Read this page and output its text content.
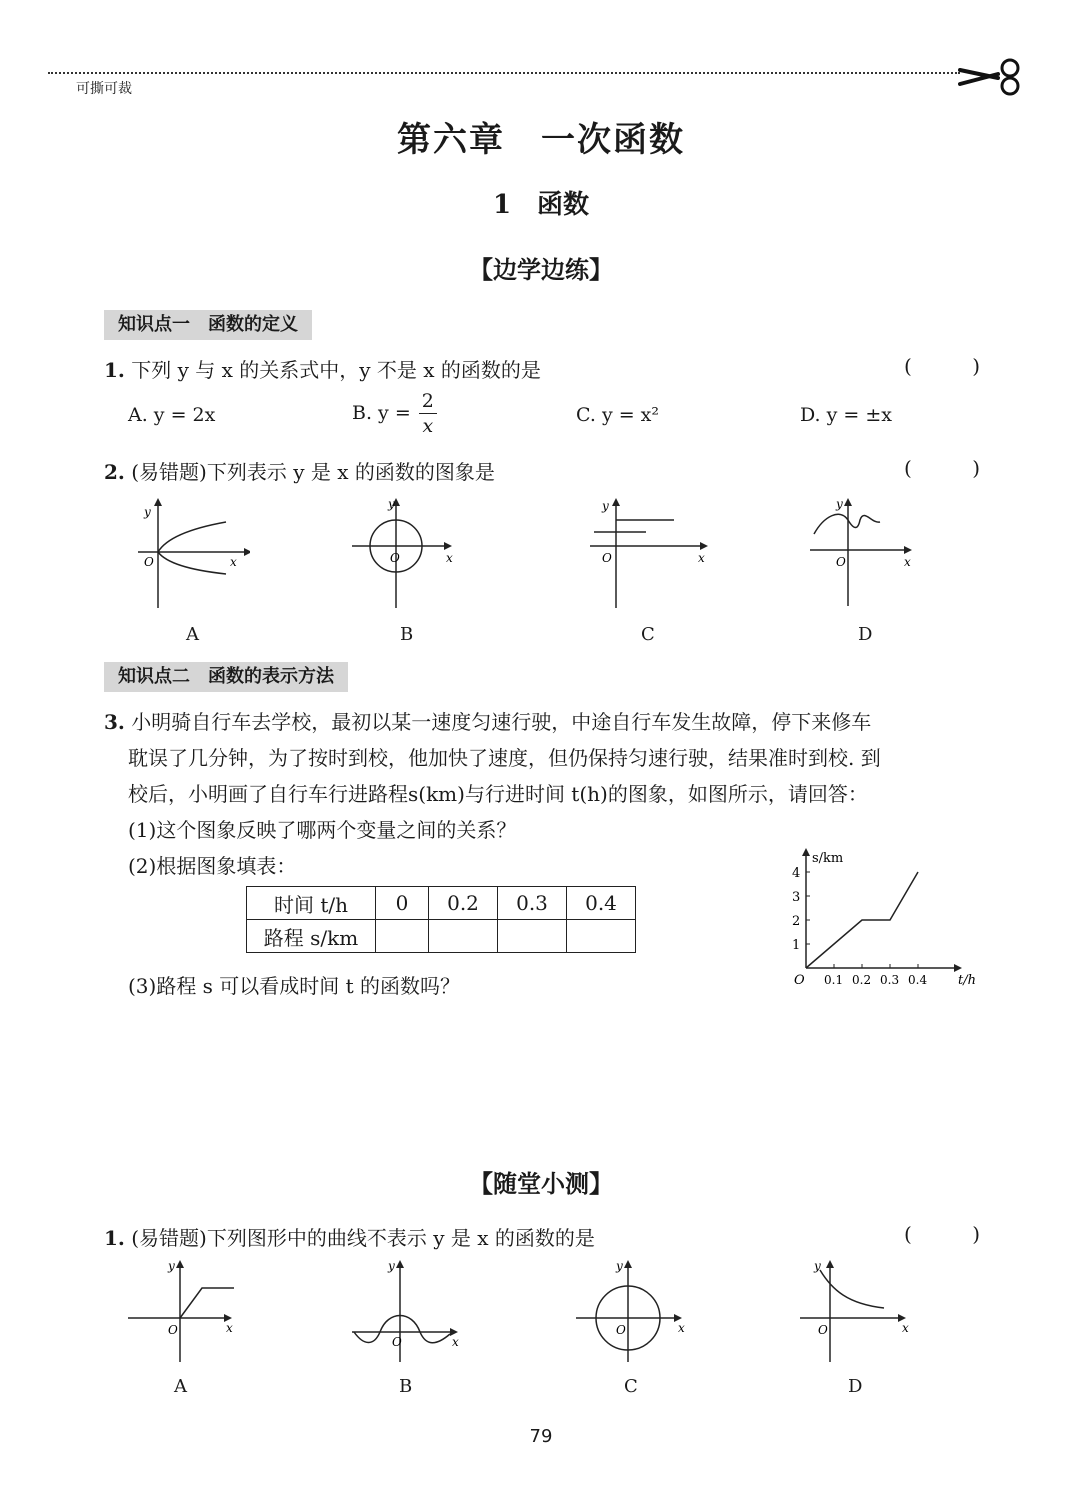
可撕可裁
第六章　一次函数
1　函数
【边学边练】
知识点一　函数的定义
1. 下列 y 与 x 的关系式中，y 不是 x 的函数的是	(	)
A. y = 2x	B. $y = \frac{2}{x}$	C. y = x²	D. y = ±x
2. (易错题)下列表示 y 是 x 的函数的图象是	(	)
y
x
O
y
x
O
y
x
O
y
x
O
A	B	C	D
知识点二　函数的表示方法
3. 小明骑自行车去学校，最初以某一速度匀速行驶，中途自行车发生故障，停下来修车
耽误了几分钟，为了按时到校，他加快了速度，但仍保持匀速行驶，结果准时到校. 到
校后，小明画了自行车行进路程s(km)与行进时间 t(h)的图象，如图所示，请回答：
(1)这个图象反映了哪两个变量之间的关系？
(2)根据图象填表：
时间 t/h	0	0.2	0.3	0.4
路程 s/km				
(3)路程 s 可以看成时间 t 的函数吗？	0.1 0.2 0.3 0.4
1
2
3
4
s/km
t/h
O
【随堂小测】
1. (易错题)下列图形中的曲线不表示 y 是 x 的函数的是	(	)
y
x
O
y
x
O
y
x
O
y
x
O
A	B	C	D
79
